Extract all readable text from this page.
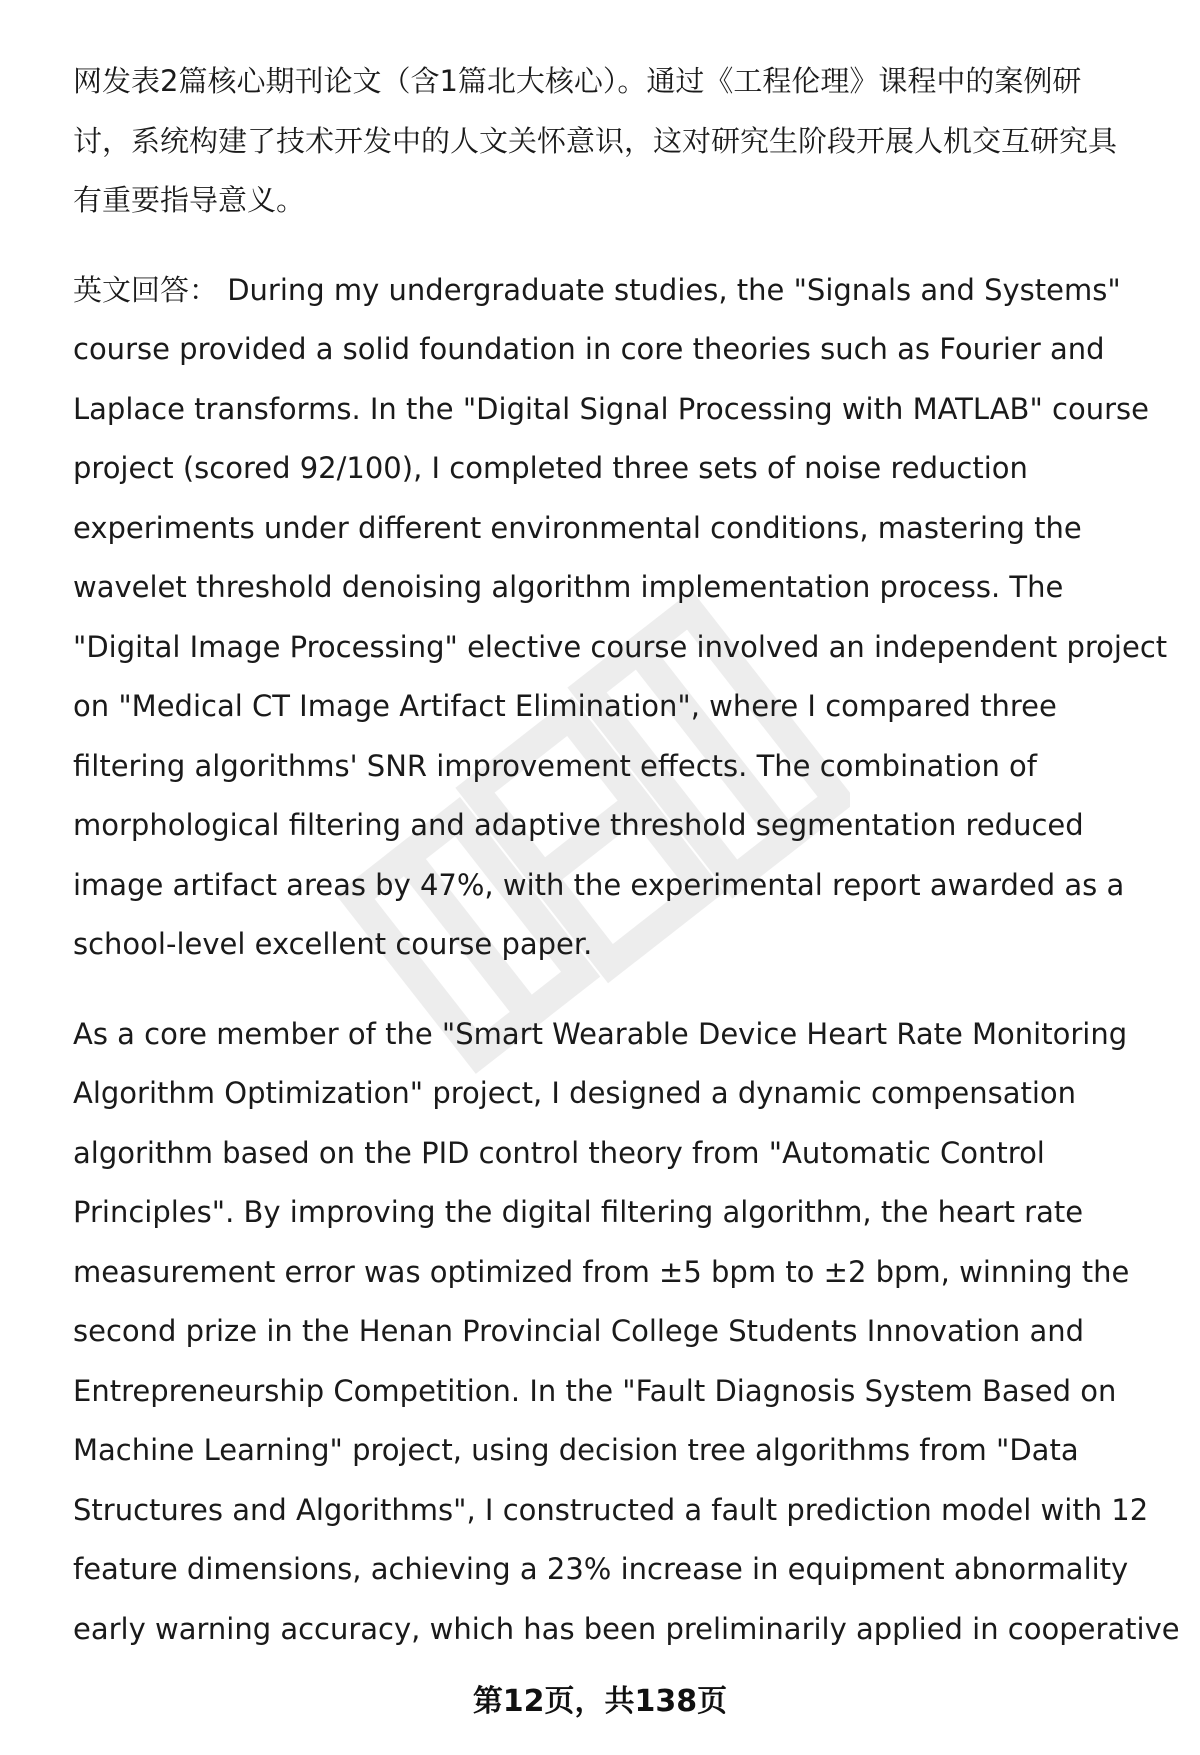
网发表2篇核心期刊论文（含1篇北大核心）。通过《工程伦理》课程中的案例研
讨，系统构建了技术开发中的人文关怀意识，这对研究生阶段开展人机交互研究具
有重要指导意义。

英文回答： During my undergraduate studies, the "Signals and Systems"
course provided a solid foundation in core theories such as Fourier and
Laplace transforms. In the "Digital Signal Processing with MATLAB" course
project (scored 92/100), I completed three sets of noise reduction
experiments under different environmental conditions, mastering the
wavelet threshold denoising algorithm implementation process. The
"Digital Image Processing" elective course involved an independent project
on "Medical CT Image Artifact Elimination", where I compared three
filtering algorithms' SNR improvement effects. The combination of
morphological filtering and adaptive threshold segmentation reduced
image artifact areas by 47%, with the experimental report awarded as a
school-level excellent course paper.

As a core member of the "Smart Wearable Device Heart Rate Monitoring
Algorithm Optimization" project, I designed a dynamic compensation
algorithm based on the PID control theory from "Automatic Control
Principles". By improving the digital filtering algorithm, the heart rate
measurement error was optimized from ±5 bpm to ±2 bpm, winning the
second prize in the Henan Provincial College Students Innovation and
Entrepreneurship Competition. In the "Fault Diagnosis System Based on
Machine Learning" project, using decision tree algorithms from "Data
Structures and Algorithms", I constructed a fault prediction model with 12
feature dimensions, achieving a 23% increase in equipment abnormality
early warning accuracy, which has been preliminarily applied in cooperative

第12页，共138页
